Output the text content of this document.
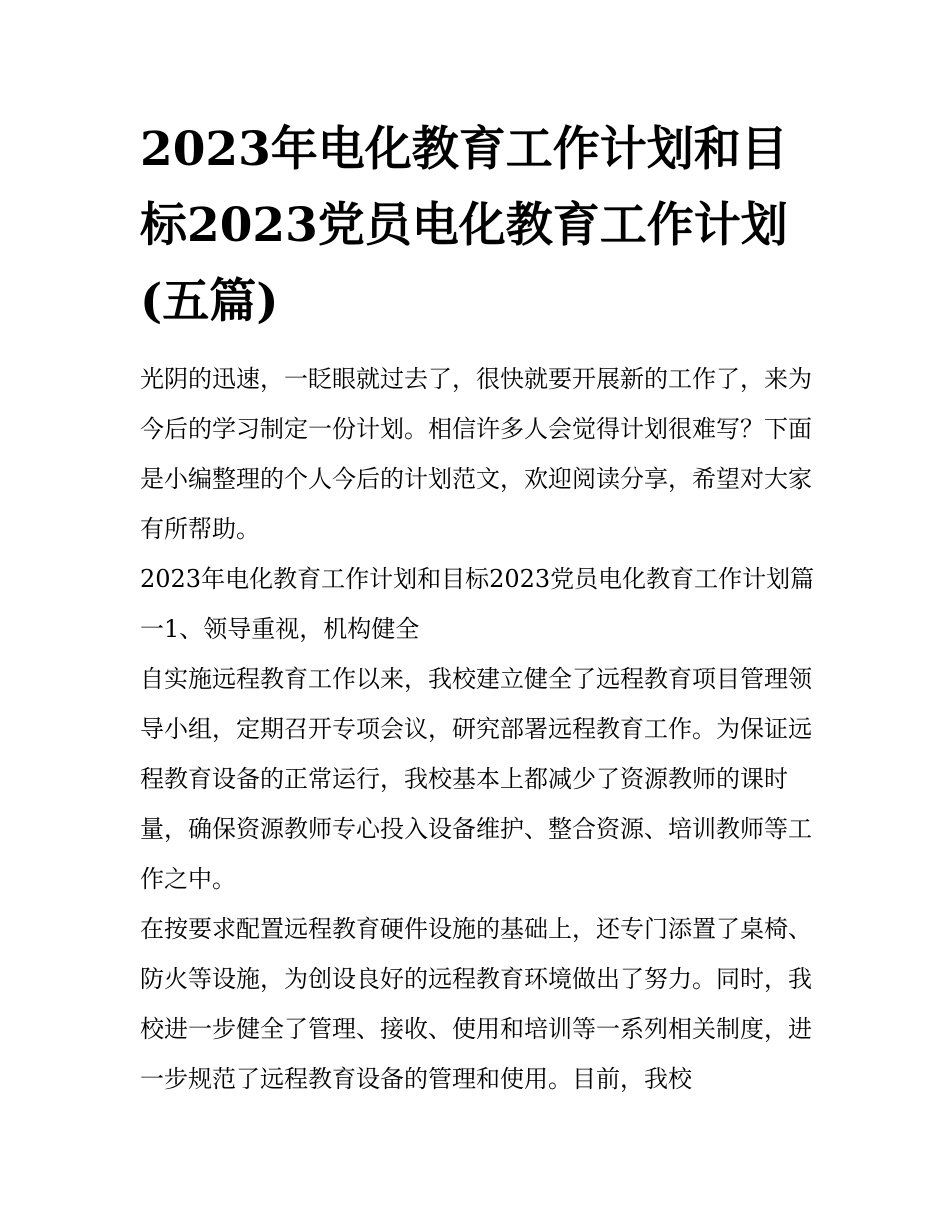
2023年电化教育工作计划和目标2023党员电化教育工作计划(五篇)

光阴的迅速，一眨眼就过去了，很快就要开展新的工作了，来为今后的学习制定一份计划。相信许多人会觉得计划很难写？下面是小编整理的个人今后的计划范文，欢迎阅读分享，希望对大家有所帮助。

2023年电化教育工作计划和目标2023党员电化教育工作计划篇一1、领导重视，机构健全

自实施远程教育工作以来，我校建立健全了远程教育项目管理领导小组，定期召开专项会议，研究部署远程教育工作。为保证远程教育设备的正常运行，我校基本上都减少了资源教师的课时量，确保资源教师专心投入设备维护、整合资源、培训教师等工作之中。

在按要求配置远程教育硬件设施的基础上，还专门添置了桌椅、防火等设施，为创设良好的远程教育环境做出了努力。同时，我校进一步健全了管理、接收、使用和培训等一系列相关制度，进一步规范了远程教育设备的管理和使用。目前，我校
